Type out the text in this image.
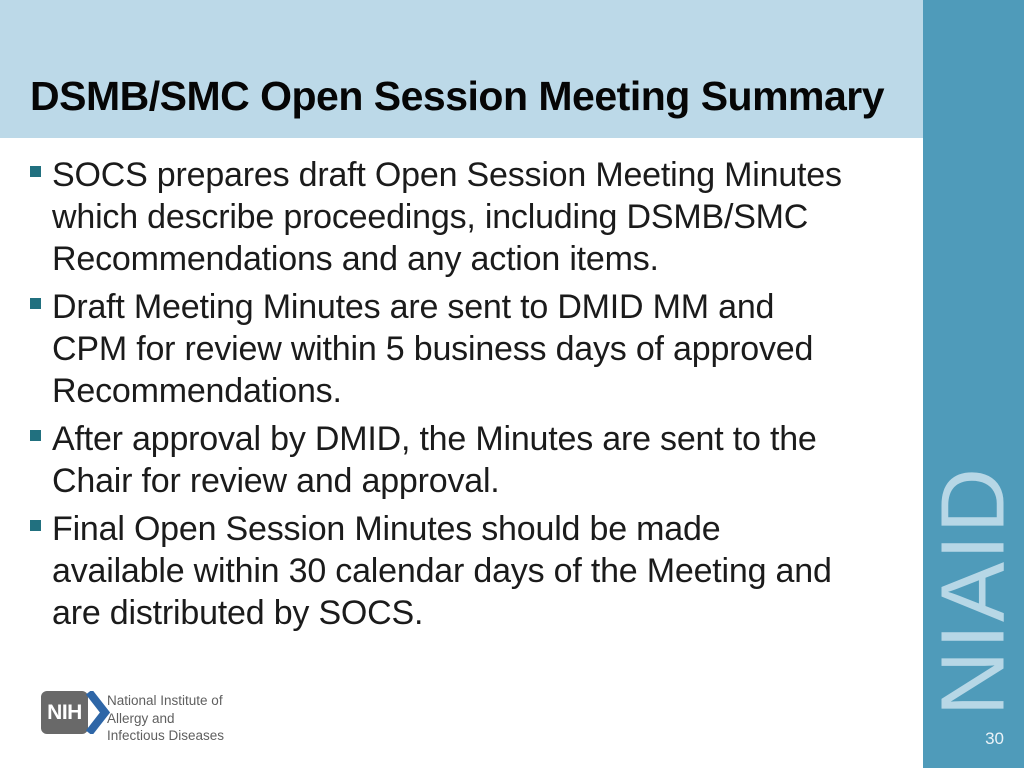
DSMB/SMC Open Session Meeting Summary
NIAID
30
SOCS prepares draft Open Session Meeting Minutes
which describe proceedings, including DSMB/SMC
Recommendations and any action items.
Draft Meeting Minutes are sent to DMID MM and
CPM for review within 5 business days of approved
Recommendations.
After approval by DMID, the Minutes are sent to the
Chair for review and approval.
Final Open Session Minutes should be made
available within 30 calendar days of the Meeting and
are distributed by SOCS.
NIH National Institute of
Allergy and
Infectious Diseases
